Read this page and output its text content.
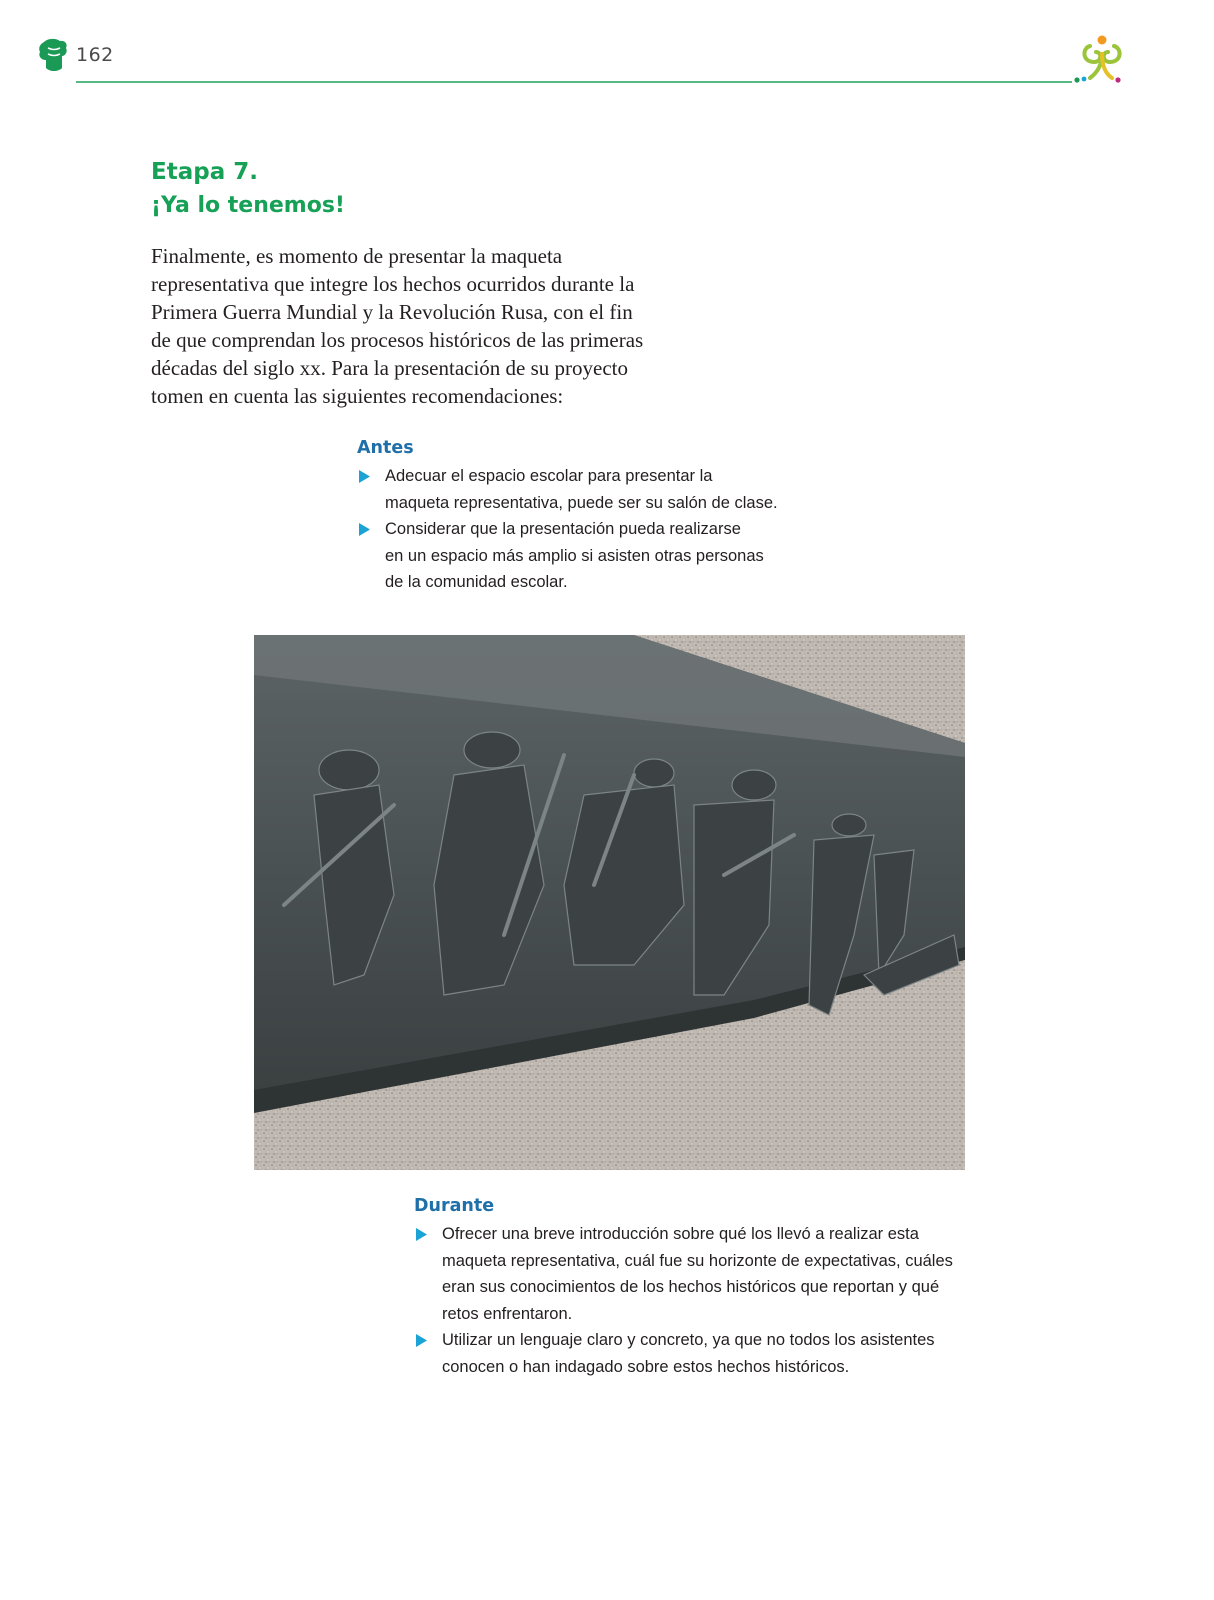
162
Etapa 7.
¡Ya lo tenemos!

Finalmente, es momento de presentar la maqueta
representativa que integre los hechos ocurridos durante la
Primera Guerra Mundial y la Revolución Rusa, con el fin
de que comprendan los procesos históricos de las primeras
décadas del siglo xx. Para la presentación de su proyecto
tomen en cuenta las siguientes recomendaciones:

Antes
Adecuar el espacio escolar para presentar la
maqueta representativa, puede ser su salón de clase.
Considerar que la presentación pueda realizarse
en un espacio más amplio si asisten otras personas
de la comunidad escolar.
Durante
Ofrecer una breve introducción sobre qué los llevó a realizar esta
maqueta representativa, cuál fue su horizonte de expectativas, cuáles
eran sus conocimientos de los hechos históricos que reportan y qué
retos enfrentaron.
Utilizar un lenguaje claro y concreto, ya que no todos los asistentes
conocen o han indagado sobre estos hechos históricos.
